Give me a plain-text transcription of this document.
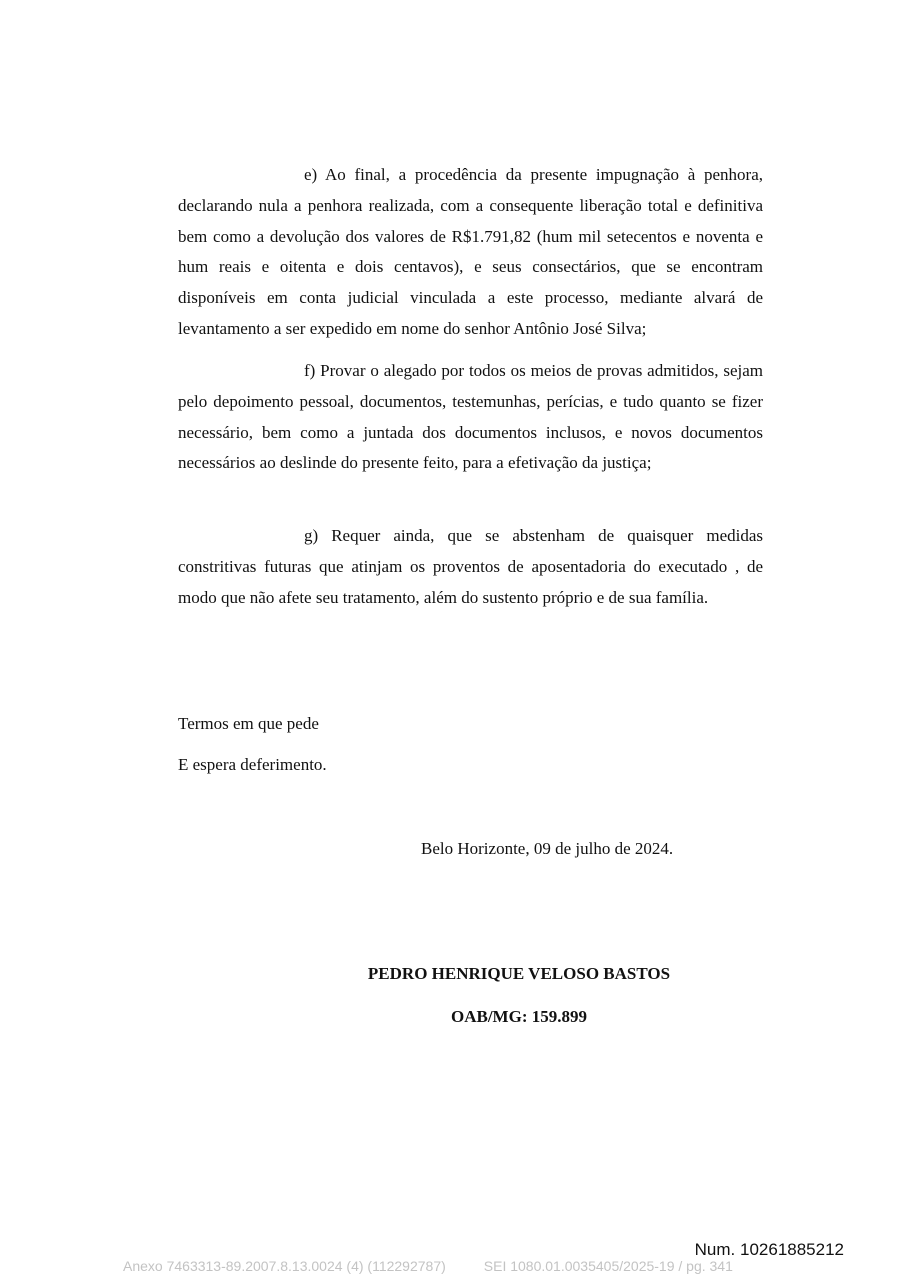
e) Ao final, a procedência da presente impugnação à penhora, declarando nula a penhora realizada, com a consequente liberação total e definitiva bem como a devolução dos valores de R$1.791,82 (hum mil setecentos e noventa e hum reais e oitenta e dois centavos), e seus consectários, que se encontram disponíveis em conta judicial vinculada a este processo, mediante alvará de levantamento a ser expedido em nome do senhor Antônio José Silva;

f) Provar o alegado por todos os meios de provas admitidos, sejam pelo depoimento pessoal, documentos, testemunhas, perícias, e tudo quanto se fizer necessário, bem como a juntada dos documentos inclusos, e novos documentos necessários ao deslinde do presente feito, para a efetivação da justiça;

g) Requer ainda, que se abstenham de quaisquer medidas constritivas futuras que atinjam os proventos de aposentadoria do executado , de modo que não afete seu tratamento, além do sustento próprio e de sua família.

Termos em que pede
E espera deferimento.
Belo Horizonte, 09 de julho de 2024.
PEDRO HENRIQUE VELOSO BASTOS
OAB/MG: 159.899
Num. 10261885212
Anexo 7463313-89.2007.8.13.0024 (4) (112292787)	SEI 1080.01.0035405/2025-19 / pg. 341
